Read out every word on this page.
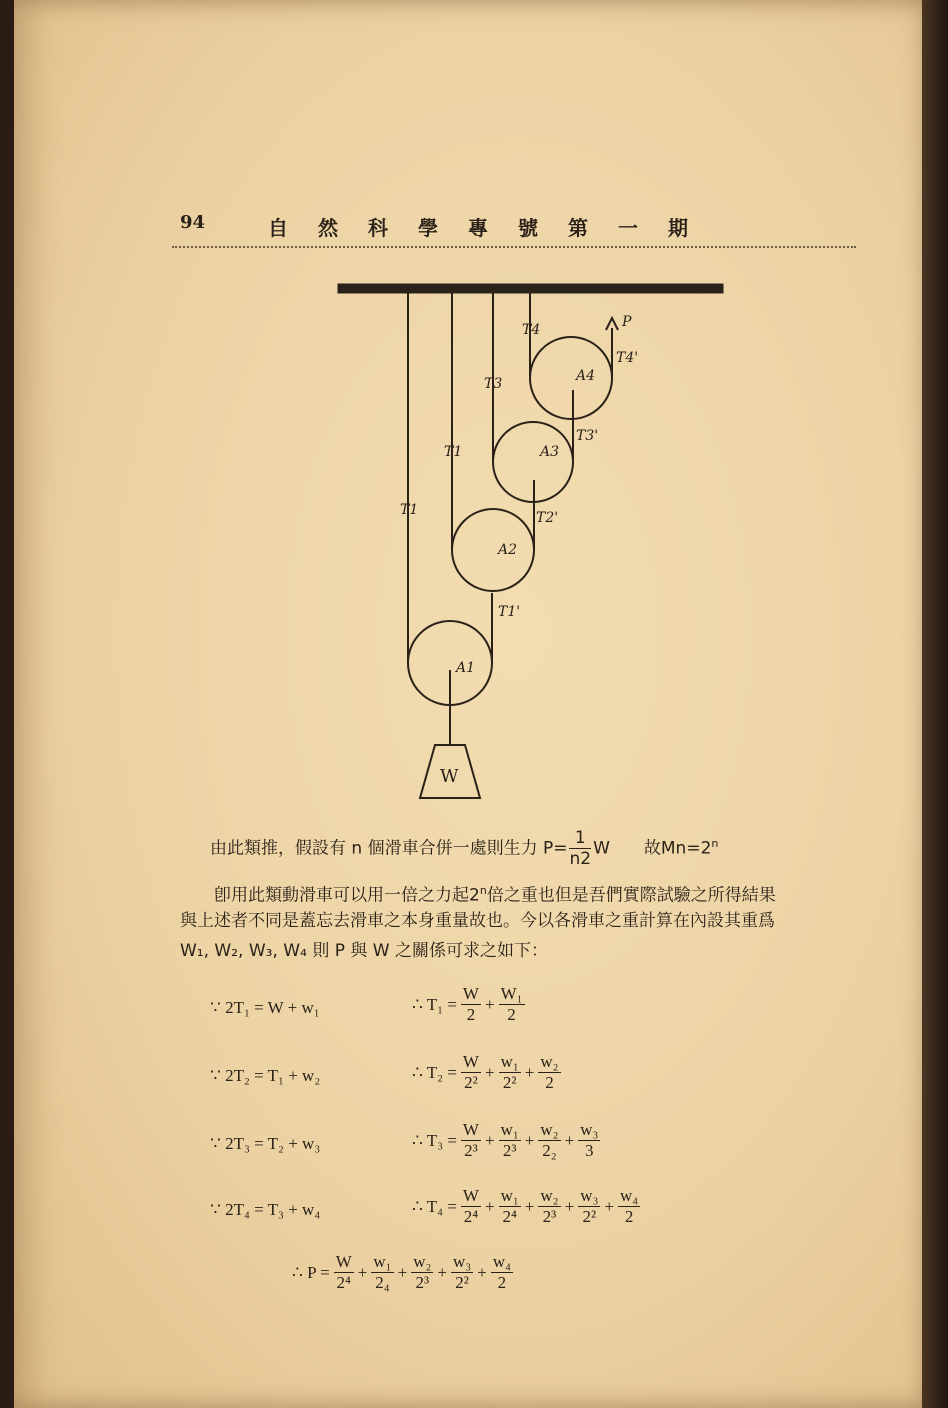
94	自然科學專號第一期
P
T4'
A4
T4
T3
T3'
A3
T1
T2'
A2
T1
T1'
A1
W
由此類推，假設有 n 個滑車合併一處則生力 $P= \frac{1}{n2}$ W　　故$Mn=2^n$
卽用此類動滑車可以用一倍之力起2$^n$倍之重也但是吾們實際試驗之所得結果
與上述者不同是蓋忘去滑車之本身重量故也。今以各滑車之重計算在內設其重爲
W₁, W₂, W₃, W₄ 則 P 與 W 之關係可求之如下：
∵ 2T₁ = W + w₁	∴ $T_1 = \frac{W}{2} + \frac{\text{W₁}}{2}$
∵ 2T₂ = T₁ + w₂	∴ $T_2 = \frac{W}{\text{2²}} + \frac{\text{w₁}}{\text{2²}} + \frac{\text{w₂}}{2}$
∵ 2T₃ = T₂ + w₃	∴ $T_3 = \frac{W}{\text{2³}} + \frac{\text{w₁}}{\text{2³}} + \frac{\text{w₂}}{\text{2₂}} + \frac{\text{w₃}}{3}$
∵ 2T₄ = T₃ + w₄	∴ $T_4 = \frac{W}{\text{2⁴}} + \frac{\text{w₁}}{\text{2⁴}} + \frac{\text{w₂}}{\text{2³}} + \frac{\text{w₃}}{\text{2²}} + \frac{\text{w₄}}{2}$
∴ $P = \frac{W}{\text{2⁴}} + \frac{\text{w₁}}{\text{2₄}} + \frac{\text{w₂}}{\text{2³}} + \frac{\text{w₃}}{\text{2²}} + \frac{\text{w₄}}{2}$
